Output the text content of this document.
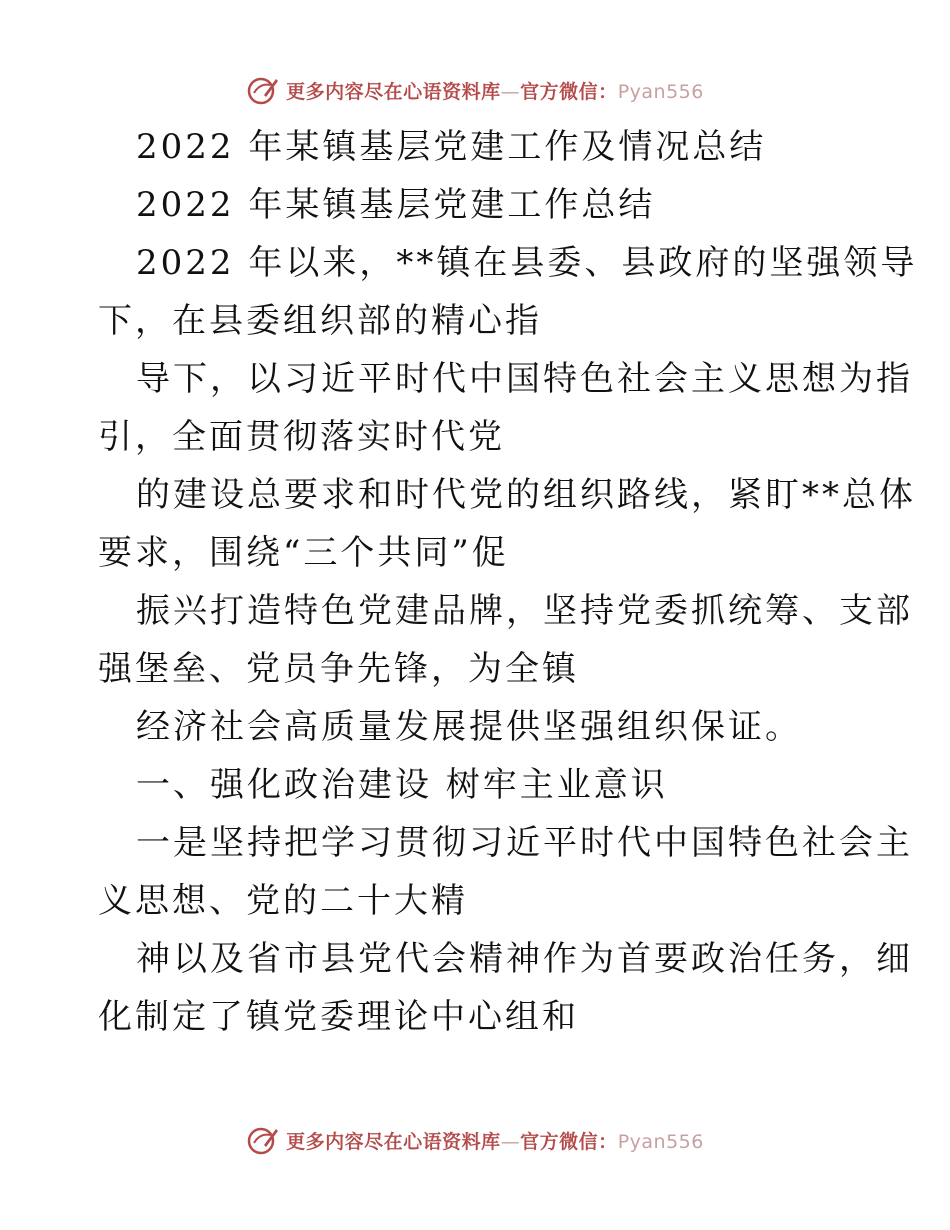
更多内容尽在心语资料库—官方微信：Pyan556
2022 年某镇基层党建工作及情况总结
2022 年某镇基层党建工作总结
2022 年以来，**镇在县委、县政府的坚强领导
下，在县委组织部的精心指
导下，以习近平时代中国特色社会主义思想为指
引，全面贯彻落实时代党
的建设总要求和时代党的组织路线，紧盯**总体
要求，围绕“三个共同”促
振兴打造特色党建品牌，坚持党委抓统筹、支部
强堡垒、党员争先锋，为全镇
经济社会高质量发展提供坚强组织保证。
一、强化政治建设 树牢主业意识
一是坚持把学习贯彻习近平时代中国特色社会主
义思想、党的二十大精
神以及省市县党代会精神作为首要政治任务，细
化制定了镇党委理论中心组和
更多内容尽在心语资料库—官方微信：Pyan556
